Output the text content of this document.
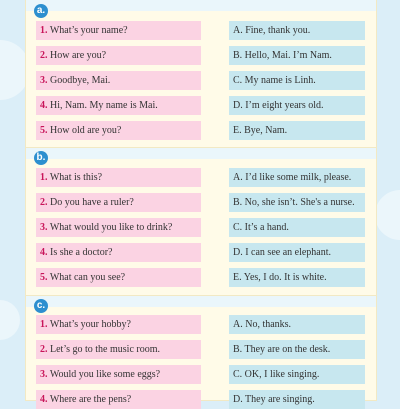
a.
1. What’s your name?	A. Fine, thank you.
2. How are you?	B. Hello, Mai. I’m Nam.
3. Goodbye, Mai.	C. My name is Linh.
4. Hi, Nam. My name is Mai.	D. I’m eight years old.
5. How old are you?	E. Bye, Nam.
b.
1. What is this?	A. I’d like some milk, please.
2. Do you have a ruler?	B. No, she isn’t. She's a nurse.
3. What would you like to drink?	C. It’s a hand.
4. Is she a doctor?	D. I can see an elephant.
5. What can you see?	E. Yes, I do. It is white.
c.
1. What’s your hobby?	A. No, thanks.
2. Let’s go to the music room.	B. They are on the desk.
3. Would you like some eggs?	C. OK, I like singing.
4. Where are the pens?	D. They are singing.
